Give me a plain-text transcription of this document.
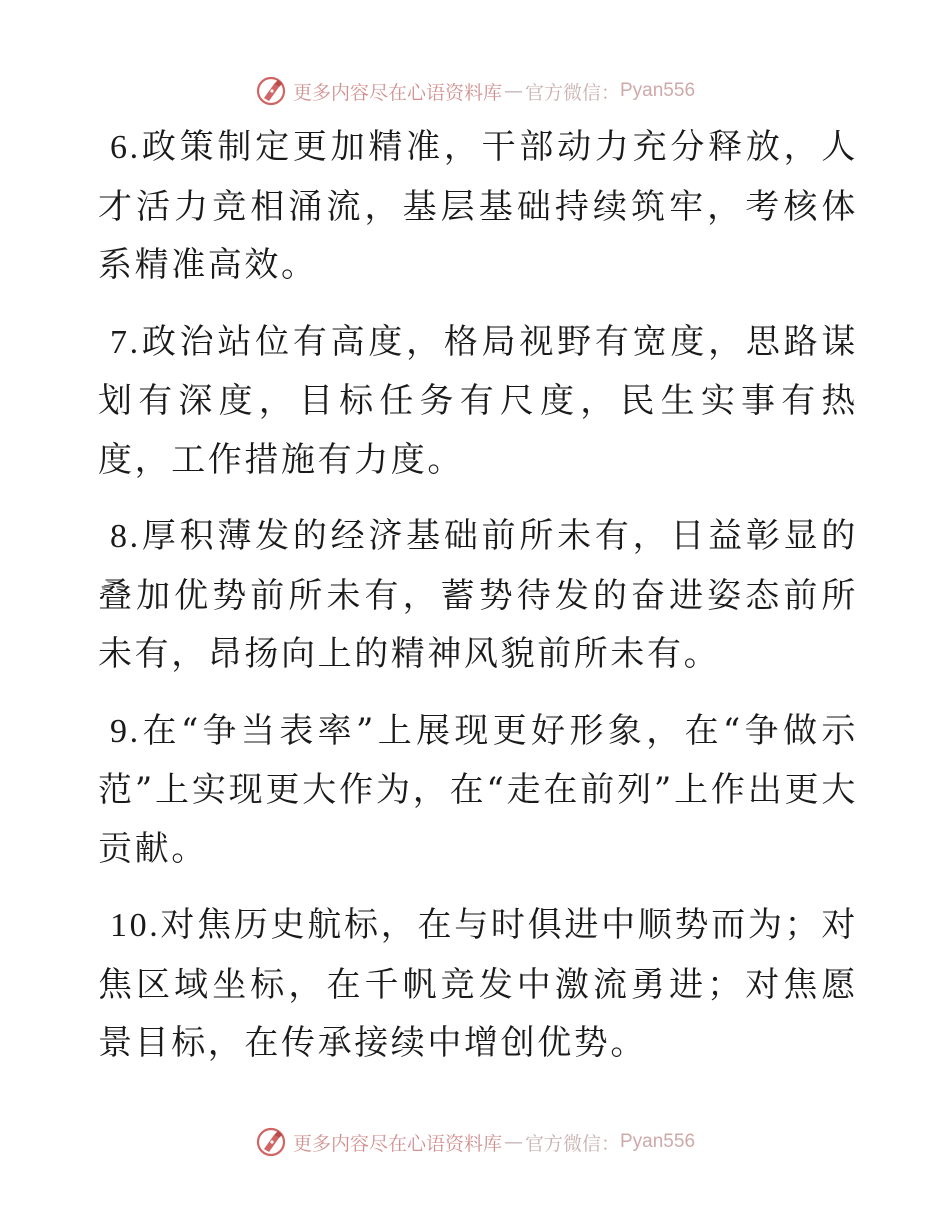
更多内容尽在心语资料库 — 官方微信： Pyan556

6.政策制定更加精准，干部动力充分释放，人才活力竞相涌流，基层基础持续筑牢，考核体系精准高效。

7.政治站位有高度，格局视野有宽度，思路谋划有深度，目标任务有尺度，民生实事有热度，工作措施有力度。

8.厚积薄发的经济基础前所未有，日益彰显的叠加优势前所未有，蓄势待发的奋进姿态前所未有，昂扬向上的精神风貌前所未有。

9.在“争当表率”上展现更好形象，在“争做示范”上实现更大作为，在“走在前列”上作出更大贡献。

10.对焦历史航标，在与时俱进中顺势而为；对焦区域坐标，在千帆竞发中激流勇进；对焦愿景目标，在传承接续中增创优势。

更多内容尽在心语资料库 — 官方微信： Pyan556
